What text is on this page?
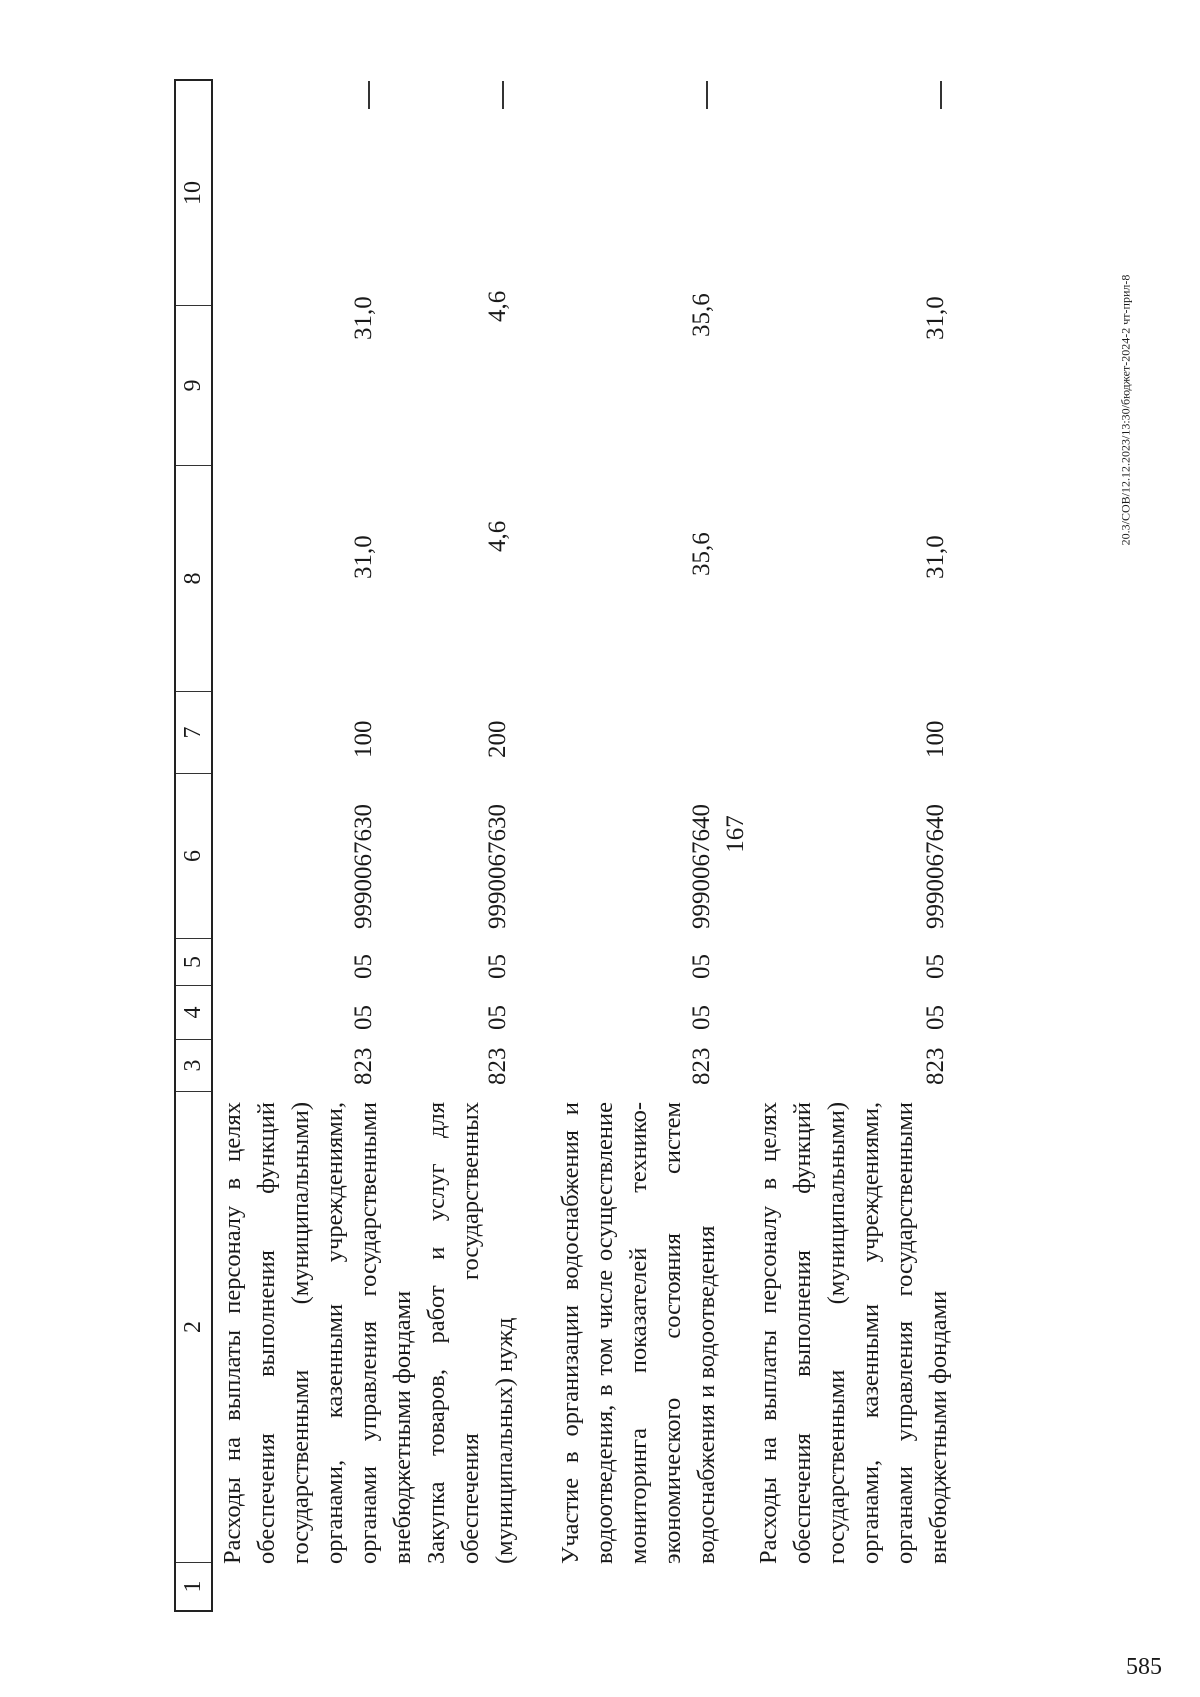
167
585
20.3/СОВ/12.12.2023/13:30/бюджет-2024-2 чт-прил-8
1
2
3
4
5
6
7
8
9
10
Расходы на выплаты персоналу в целях обеспечения выполнения функций государственными (муниципальными) органами, казенными учреждениями, органами управления государственными внебюджетными фондами
823
05
05
9990067630
100
31,0
31,0
Закупка товаров, работ и услуг для обеспечения государственных (муниципальных) нужд
823
05
05
9990067630
200
4,6
4,6
Участие в организации водоснабжения и водоотведения, в том числе осуществление мониторинга показателей технико-экономического состояния систем водоснабжения и водоотведения
823
05
05
9990067640
35,6
35,6
Расходы на выплаты персоналу в целях обеспечения выполнения функций государственными (муниципальными) органами, казенными учреждениями, органами управления государственными внебюджетными фондами
823
05
05
9990067640
100
31,0
31,0
